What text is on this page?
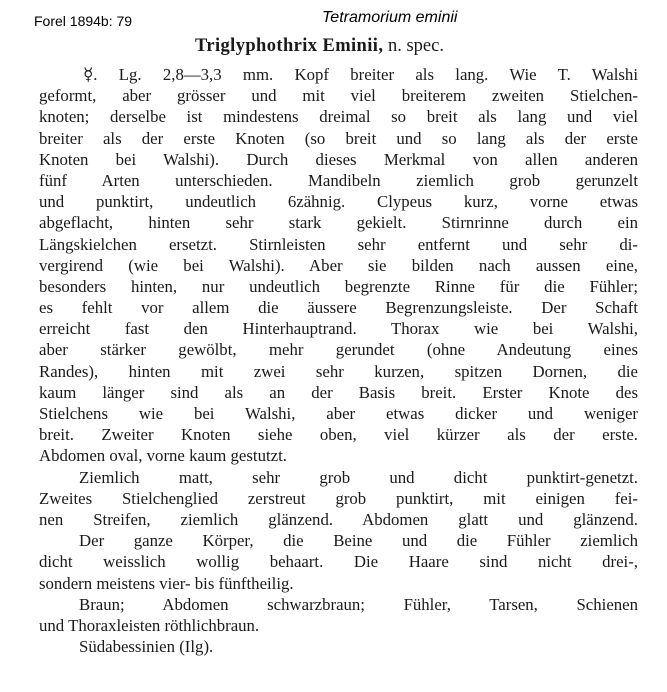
Forel 1894b: 79	Tetramorium eminii
Triglyphothrix Eminii, n. spec.
☿. Lg. 2,8—3,3 mm. Kopf breiter als lang. Wie T. Walshi
geformt, aber grösser und mit viel breiterem zweiten Stielchen-
knoten; derselbe ist mindestens dreimal so breit als lang und viel
breiter als der erste Knoten (so breit und so lang als der erste
Knoten bei Walshi). Durch dieses Merkmal von allen anderen
fünf Arten unterschieden. Mandibeln ziemlich grob gerunzelt
und punktirt, undeutlich 6zähnig. Clypeus kurz, vorne etwas
abgeflacht, hinten sehr stark gekielt. Stirnrinne durch ein
Längskielchen ersetzt. Stirnleisten sehr entfernt und sehr di-
vergirend (wie bei Walshi). Aber sie bilden nach aussen eine,
besonders hinten, nur undeutlich begrenzte Rinne für die Fühler;
es fehlt vor allem die äussere Begrenzungsleiste. Der Schaft
erreicht fast den Hinterhauptrand. Thorax wie bei Walshi,
aber stärker gewölbt, mehr gerundet (ohne Andeutung eines
Randes), hinten mit zwei sehr kurzen, spitzen Dornen, die
kaum länger sind als an der Basis breit. Erster Knote des
Stielchens wie bei Walshi, aber etwas dicker und weniger
breit. Zweiter Knoten siehe oben, viel kürzer als der erste.
Abdomen oval, vorne kaum gestutzt.
Ziemlich matt, sehr grob und dicht punktirt-genetzt.
Zweites Stielchenglied zerstreut grob punktirt, mit einigen fei-
nen Streifen, ziemlich glänzend. Abdomen glatt und glänzend.
Der ganze Körper, die Beine und die Fühler ziemlich
dicht weisslich wollig behaart. Die Haare sind nicht drei-,
sondern meistens vier- bis fünftheilig.
Braun; Abdomen schwarzbraun; Fühler, Tarsen, Schienen
und Thoraxleisten röthlichbraun.
Südabessinien (Ilg).
